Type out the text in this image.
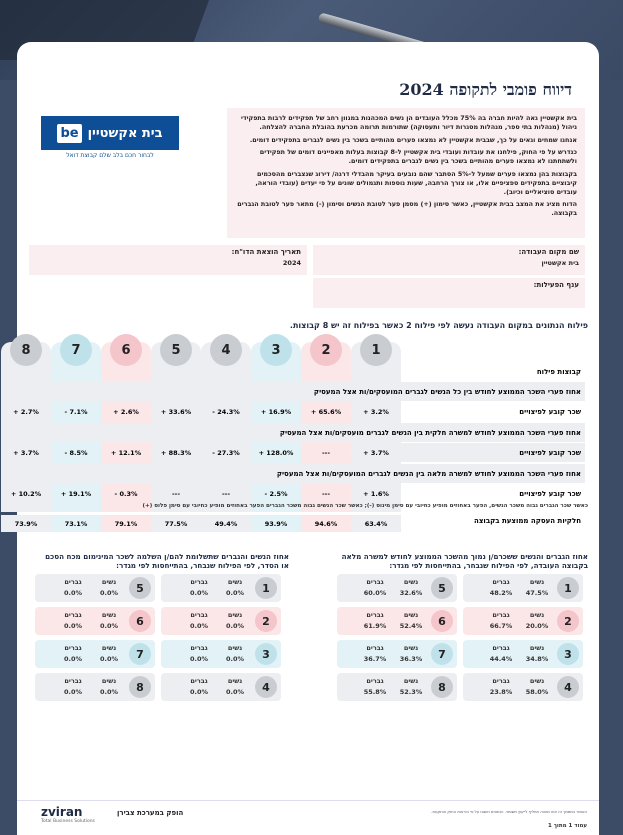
דיווח פומבי לתקופה 2024
בית אקשטיין
be
לבחור חכם בלב שלם קבוצת דואל

בית אקשטיין גאה להיות חברה בה 75% מכלל העובדים הן נשים המכהנות במגוון רחב של תפקידים לרבות בתפקידי ניהול (מנהלות בתי ספר, מנהלות מסגרות דיור ותעסוקה) שתורמות תרומה מכרעת בהובלת החברה להצלחה.

אנחנו שמחים וגאים על כך, שבבית אקשטיין לא נמצאו פערים מהותיים בשכר בין נשים לגברים בתפקידים דומים.

כנדרש על פי החוק, פילחנו את עובדות ועובדי בית אקשטיין ל-8 קבוצות בעלות מאפיינים דומים של תפקידים ולשתחתנו לא נמצאו פערים מהותיים בשכר בין נשים לגברים בתפקידים דומים.

בקבוצות בהן נמצאו פערים שמעל ל-5% הסתבר שהם נובעים בעיקר מהבדלי דרגה/ דירוג שנצברים מהסכמים קיבוציים בתפקידים ספציפיים אלו, או צורך הרחבה, שעות נוספות ותגמולים שונים על פי יעדים (עובדי הוראה, עובדים סוציאליים וכיוב).

הדוח מציג את המצב בבית אקשטיין, כאשר סימון (+) מסמן פער לטובת הנשים וסימון (-) מתאר פער לטובת הגברים בקבוצה.

שם מקום העבודה:
בית אקשטיין
תאריך הוצאת הדו"ח:
2024
ענף הפעילות:
פילוח הנתונים במקום העבודה נעשה לפי פילוח 2 כאשר בפילוח זה יש 8 קבוצות.
1
2
3
4
5
6
7
8
קבוצות פילוח
אחוז פערי השכר הממוצע לחודש בין כל הנשים לגברים המועסקים/ות אצל המעסיק
שכר קובע לפיצויים
+ 3.2%
+ 65.6%
+ 16.9%
- 24.3%
+ 33.6%
+ 2.6%
- 7.1%
+ 2.7%
אחוז פערי השכר הממוצע לחודש למשרה חלקית בין הנשים לגברים מועסקים/ות אצל המעסיק
שכר קובע לפיצויים
+ 3.7%
---
+ 128.0%
- 27.3%
+ 88.3%
+ 12.1%
- 8.5%
+ 3.7%
אחוז פערי השכר הממוצע לחודש למשרה מלאה בין הנשים לגברים המועסקים/ות אצל המעסיק
שכר קובע לפיצויים
+ 1.6%
---
- 2.5%
---
---
- 0.3%
+ 19.1%
+ 10.2%
כאשר שכר הגברים גבוה משכר הנשים, הפער באחוזים מופיע כחיובי עם סימן מינוס (-); כאשר שכר הנשים גבוה משכר הגברים הפער באחוזים מופיע כחיובי עם סימן פלוס (+)
חלקיות העסקה ממוצעת בקבוצה
63.4%
94.6%
93.9%
49.4%
77.5%
79.1%
73.1%
73.9%
אחוז הגברים והנשים ששכרם/ן נמוך מהשכר הממוצע לחודש למשרה מלאה בקבוצה העובדה, לפי הפילוח שנבחר, בהתייחסות לפי מגדר:
אחוז הנשים והגברים שתשלומת להם/ן השלמה לשכר המינימום מכח הסכם או הסדר, לפי הפילוח שנבחר, בהתייחסות לפי מגדר:
1
נשים
47.5%
גברים
48.2%
2
נשים
20.0%
גברים
66.7%
3
נשים
34.8%
גברים
44.4%
4
נשים
58.0%
גברים
23.8%
5
נשים
32.6%
גברים
60.0%
6
נשים
52.4%
גברים
61.9%
7
נשים
36.3%
גברים
36.7%
8
נשים
52.3%
גברים
55.8%
1
נשים
0.0%
גברים
0.0%
2
נשים
0.0%
גברים
0.0%
3
נשים
0.0%
גברים
0.0%
4
נשים
0.0%
גברים
0.0%
5
נשים
0.0%
גברים
0.0%
6
נשים
0.0%
גברים
0.0%
7
נשים
0.0%
גברים
0.0%
8
נשים
0.0%
גברים
0.0%
zviran
Total Business Solutions
הופק במערכת צבירן	האמור במסמך זה אינו מהווה תחליף לייעוץ משפטי. הנתונים חושבו על פי הוראות החוק והתקנות.
עמוד 1 מתוך 1
